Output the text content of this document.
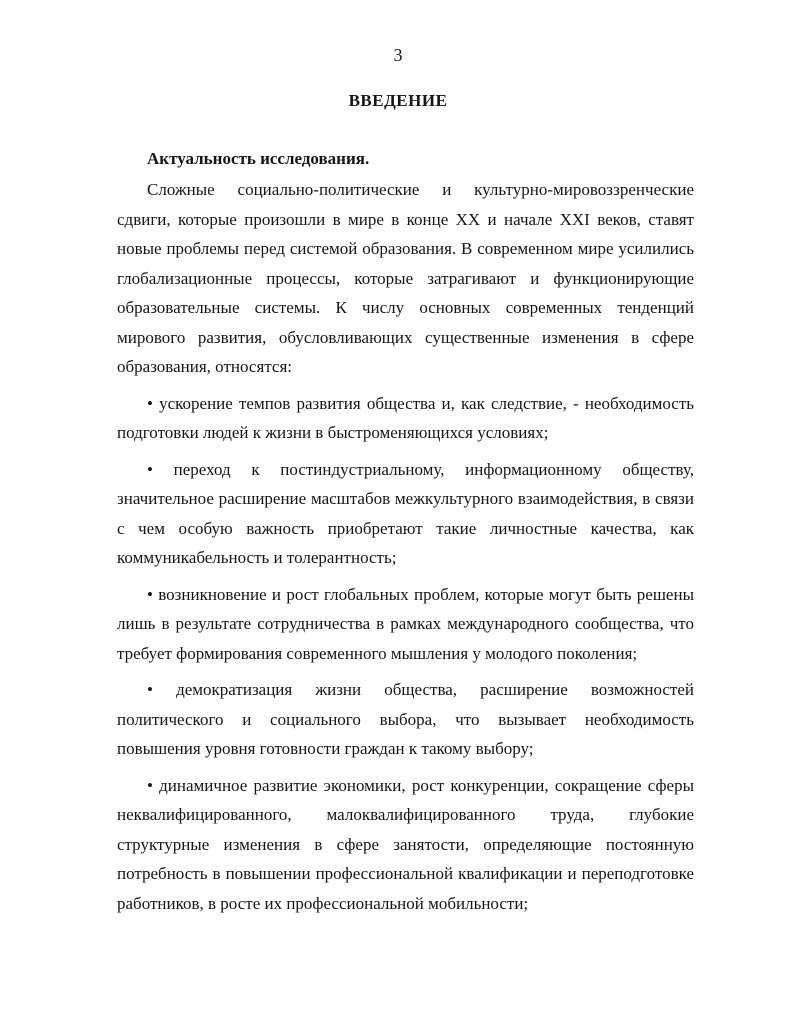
3
ВВЕДЕНИЕ
Актуальность исследования.

Сложные социально-политические и культурно-мировоззренческие сдвиги, которые произошли в мире в конце XX и начале XXI веков, ставят новые проблемы перед системой образования. В современном мире усилились глобализационные процессы, которые затрагивают и функционирующие образовательные системы. К числу основных современных тенденций мирового развития, обусловливающих существенные изменения в сфере образования, относятся:

• ускорение темпов развития общества и, как следствие, - необходимость подготовки людей к жизни в быстроменяющихся условиях;

• переход к постиндустриальному, информационному обществу, значительное расширение масштабов межкультурного взаимодействия, в связи с чем особую важность приобретают такие личностные качества, как коммуникабельность и толерантность;

• возникновение и рост глобальных проблем, которые могут быть решены лишь в результате сотрудничества в рамках международного сообщества, что требует формирования современного мышления у молодого поколения;

• демократизация жизни общества, расширение возможностей политического и социального выбора, что вызывает необходимость повышения уровня готовности граждан к такому выбору;

• динамичное развитие экономики, рост конкуренции, сокращение сферы неквалифицированного, малоквалифицированного труда, глубокие структурные изменения в сфере занятости, определяющие постоянную потребность в повышении профессиональной квалификации и переподготовке работников, в росте их профессиональной мобильности;
